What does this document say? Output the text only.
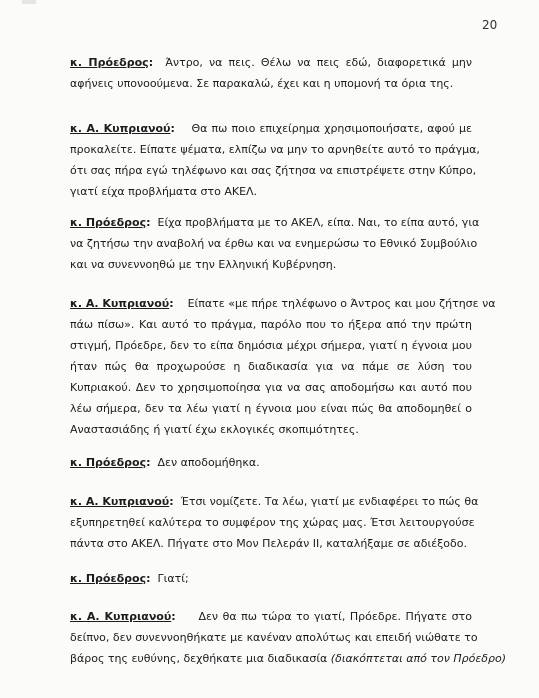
20
κ. Πρόεδρος: Άντρο, να πεις. Θέλω να πεις εδώ, διαφορετικά μην
αφήνεις υπονοούμενα. Σε παρακαλώ, έχει και η υπομονή τα όρια της.
κ. Α. Κυπριανού: Θα πω ποιο επιχείρημα χρησιμοποιήσατε, αφού με
προκαλείτε. Είπατε ψέματα, ελπίζω να μην το αρνηθείτε αυτό το πράγμα,
ότι σας πήρα εγώ τηλέφωνο και σας ζήτησα να επιστρέψετε στην Κύπρο,
γιατί είχα προβλήματα στο ΑΚΕΛ.
κ. Πρόεδρος: Είχα προβλήματα με το ΑΚΕΛ, είπα. Ναι, το είπα αυτό, για
να ζητήσω την αναβολή να έρθω και να ενημερώσω το Εθνικό Συμβούλιο
και να συνεννοηθώ με την Ελληνική Κυβέρνηση.
κ. Α. Κυπριανού: Είπατε «με πήρε τηλέφωνο ο Άντρος και μου ζήτησε να
πάω πίσω». Και αυτό το πράγμα, παρόλο που το ήξερα από την πρώτη
στιγμή, Πρόεδρε, δεν το είπα δημόσια μέχρι σήμερα, γιατί η έγνοια μου
ήταν πώς θα προχωρούσε η διαδικασία για να πάμε σε λύση του
Κυπριακού. Δεν το χρησιμοποίησα για να σας αποδομήσω και αυτό που
λέω σήμερα, δεν τα λέω γιατί η έγνοια μου είναι πώς θα αποδομηθεί ο
Αναστασιάδης ή γιατί έχω εκλογικές σκοπιμότητες.
κ. Πρόεδρος: Δεν αποδομήθηκα.
κ. Α. Κυπριανού: Έτσι νομίζετε. Τα λέω, γιατί με ενδιαφέρει το πώς θα
εξυπηρετηθεί καλύτερα το συμφέρον της χώρας μας. Έτσι λειτουργούσε
πάντα στο ΑΚΕΛ. Πήγατε στο Μον Πελεράν ΙΙ, καταλήξαμε σε αδιέξοδο.
κ. Πρόεδρος: Γιατί;
κ. Α. Κυπριανού: Δεν θα πω τώρα το γιατί, Πρόεδρε. Πήγατε στο
δείπνο, δεν συνεννοηθήκατε με κανέναν απολύτως και επειδή νιώθατε το
βάρος της ευθύνης, δεχθήκατε μια διαδικασία (διακόπτεται από τον Πρόεδρο)
